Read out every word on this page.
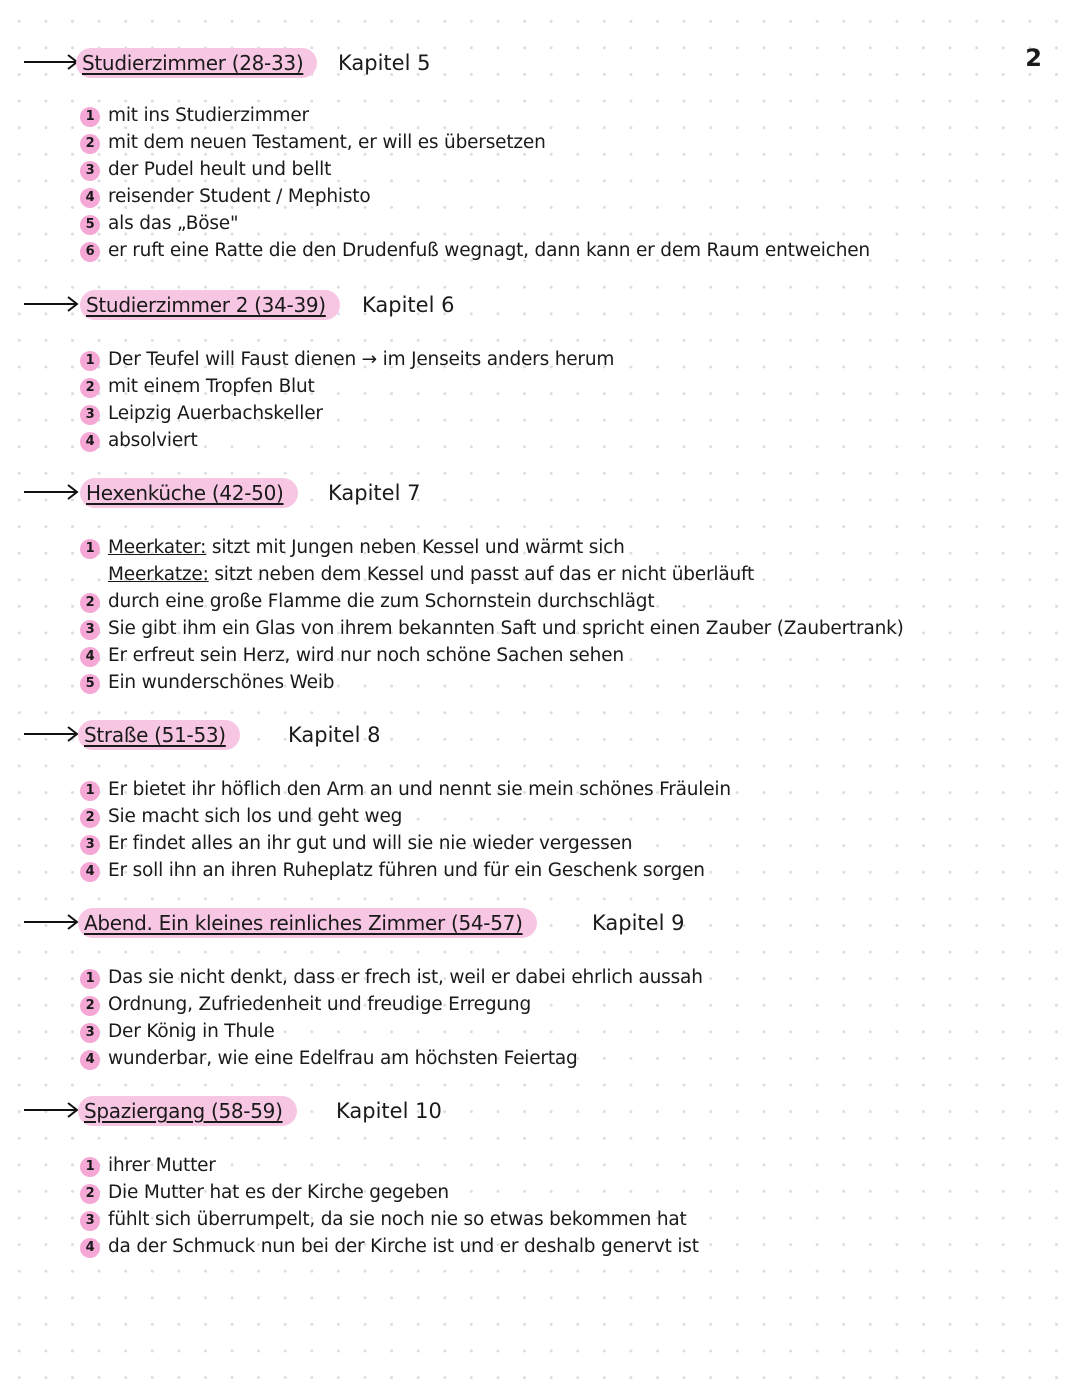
2
Studierzimmer (28-33)	Kapitel 5
1 mit ins Studierzimmer
2 mit dem neuen Testament, er will es übersetzen
3 der Pudel heult und bellt
4 reisender Student / Mephisto
5 als das „Böse"
6 er ruft eine Ratte die den Drudenfuß wegnagt, dann kann er dem Raum entweichen
Studierzimmer 2 (34-39)	Kapitel 6
1 Der Teufel will Faust dienen → im Jenseits anders herum
2 mit einem Tropfen Blut
3 Leipzig Auerbachskeller
4 absolviert
Hexenküche (42-50)	Kapitel 7
1 Meerkater: sitzt mit Jungen neben Kessel und wärmt sich
Meerkatze: sitzt neben dem Kessel und passt auf das er nicht überläuft
2 durch eine große Flamme die zum Schornstein durchschlägt
3 Sie gibt ihm ein Glas von ihrem bekannten Saft und spricht einen Zauber (Zaubertrank)
4 Er erfreut sein Herz, wird nur noch schöne Sachen sehen
5 Ein wunderschönes Weib
Straße (51-53)	Kapitel 8
1 Er bietet ihr höflich den Arm an und nennt sie mein schönes Fräulein
2 Sie macht sich los und geht weg
3 Er findet alles an ihr gut und will sie nie wieder vergessen
4 Er soll ihn an ihren Ruheplatz führen und für ein Geschenk sorgen
Abend. Ein kleines reinliches Zimmer (54-57)	Kapitel 9
1 Das sie nicht denkt, dass er frech ist, weil er dabei ehrlich aussah
2 Ordnung, Zufriedenheit und freudige Erregung
3 Der König in Thule
4 wunderbar, wie eine Edelfrau am höchsten Feiertag
Spaziergang (58-59)	Kapitel 10
1 ihrer Mutter
2 Die Mutter hat es der Kirche gegeben
3 fühlt sich überrumpelt, da sie noch nie so etwas bekommen hat
4 da der Schmuck nun bei der Kirche ist und er deshalb genervt ist
